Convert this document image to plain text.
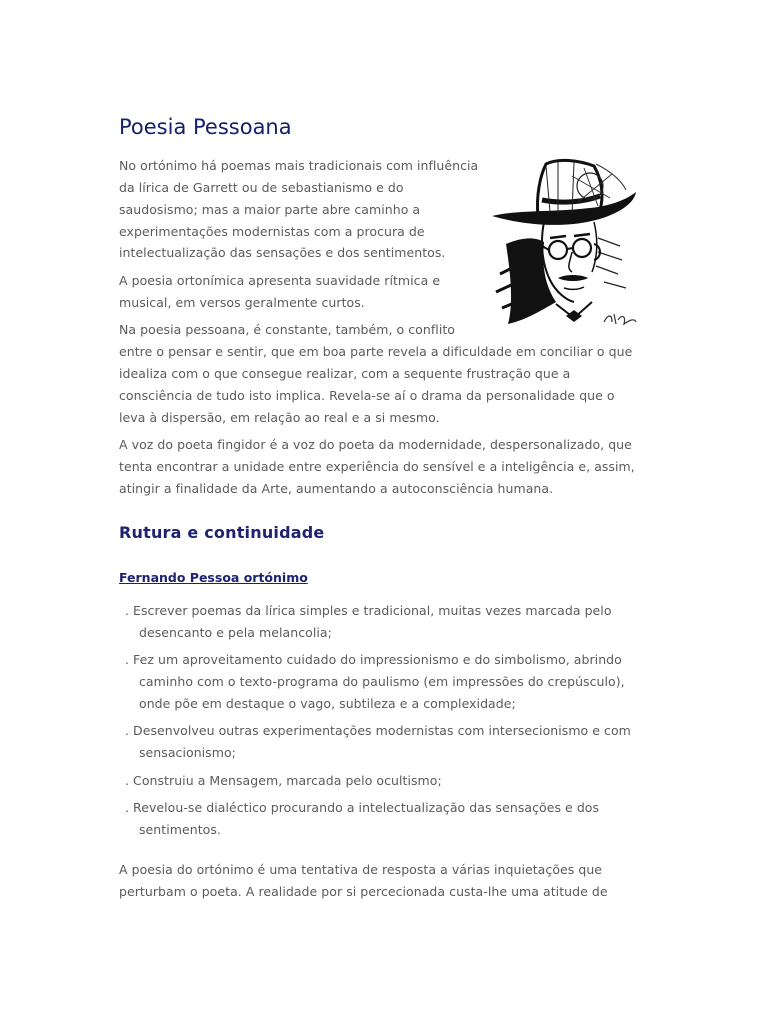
Poesia Pessoana
No ortónimo há poemas mais tradicionais com influência
da lírica de Garrett ou de sebastianismo e do
saudosismo; mas a maior parte abre caminho a
experimentações modernistas com a procura de
intelectualização das sensações e dos sentimentos.
A poesia ortonímica apresenta suavidade rítmica e
musical, em versos geralmente curtos.
Na poesia pessoana, é constante, também, o conflito
entre o pensar e sentir, que em boa parte revela a dificuldade em conciliar o que
idealiza com o que consegue realizar, com a sequente frustração que a
consciência de tudo isto implica. Revela-se aí o drama da personalidade que o
leva à dispersão, em relação ao real e a si mesmo.
A voz do poeta fingidor é a voz do poeta da modernidade, despersonalizado, que
tenta encontrar a unidade entre experiência do sensível e a inteligência e, assim,
atingir a finalidade da Arte, aumentando a autoconsciência humana.
Rutura e continuidade
Fernando Pessoa ortónimo
. Escrever poemas da lírica simples e tradicional, muitas vezes marcada pelo
desencanto e pela melancolia;
. Fez um aproveitamento cuidado do impressionismo e do simbolismo, abrindo
caminho com o texto-programa do paulismo (em impressões do crepúsculo),
onde põe em destaque o vago, subtileza e a complexidade;
. Desenvolveu outras experimentações modernistas com intersecionismo e com
sensacionismo;
. Construiu a Mensagem, marcada pelo ocultismo;
. Revelou-se dialéctico procurando a intelectualização das sensações e dos
sentimentos.
A poesia do ortónimo é uma tentativa de resposta a várias inquietações que
perturbam o poeta. A realidade por si percecionada custa-lhe uma atitude de
